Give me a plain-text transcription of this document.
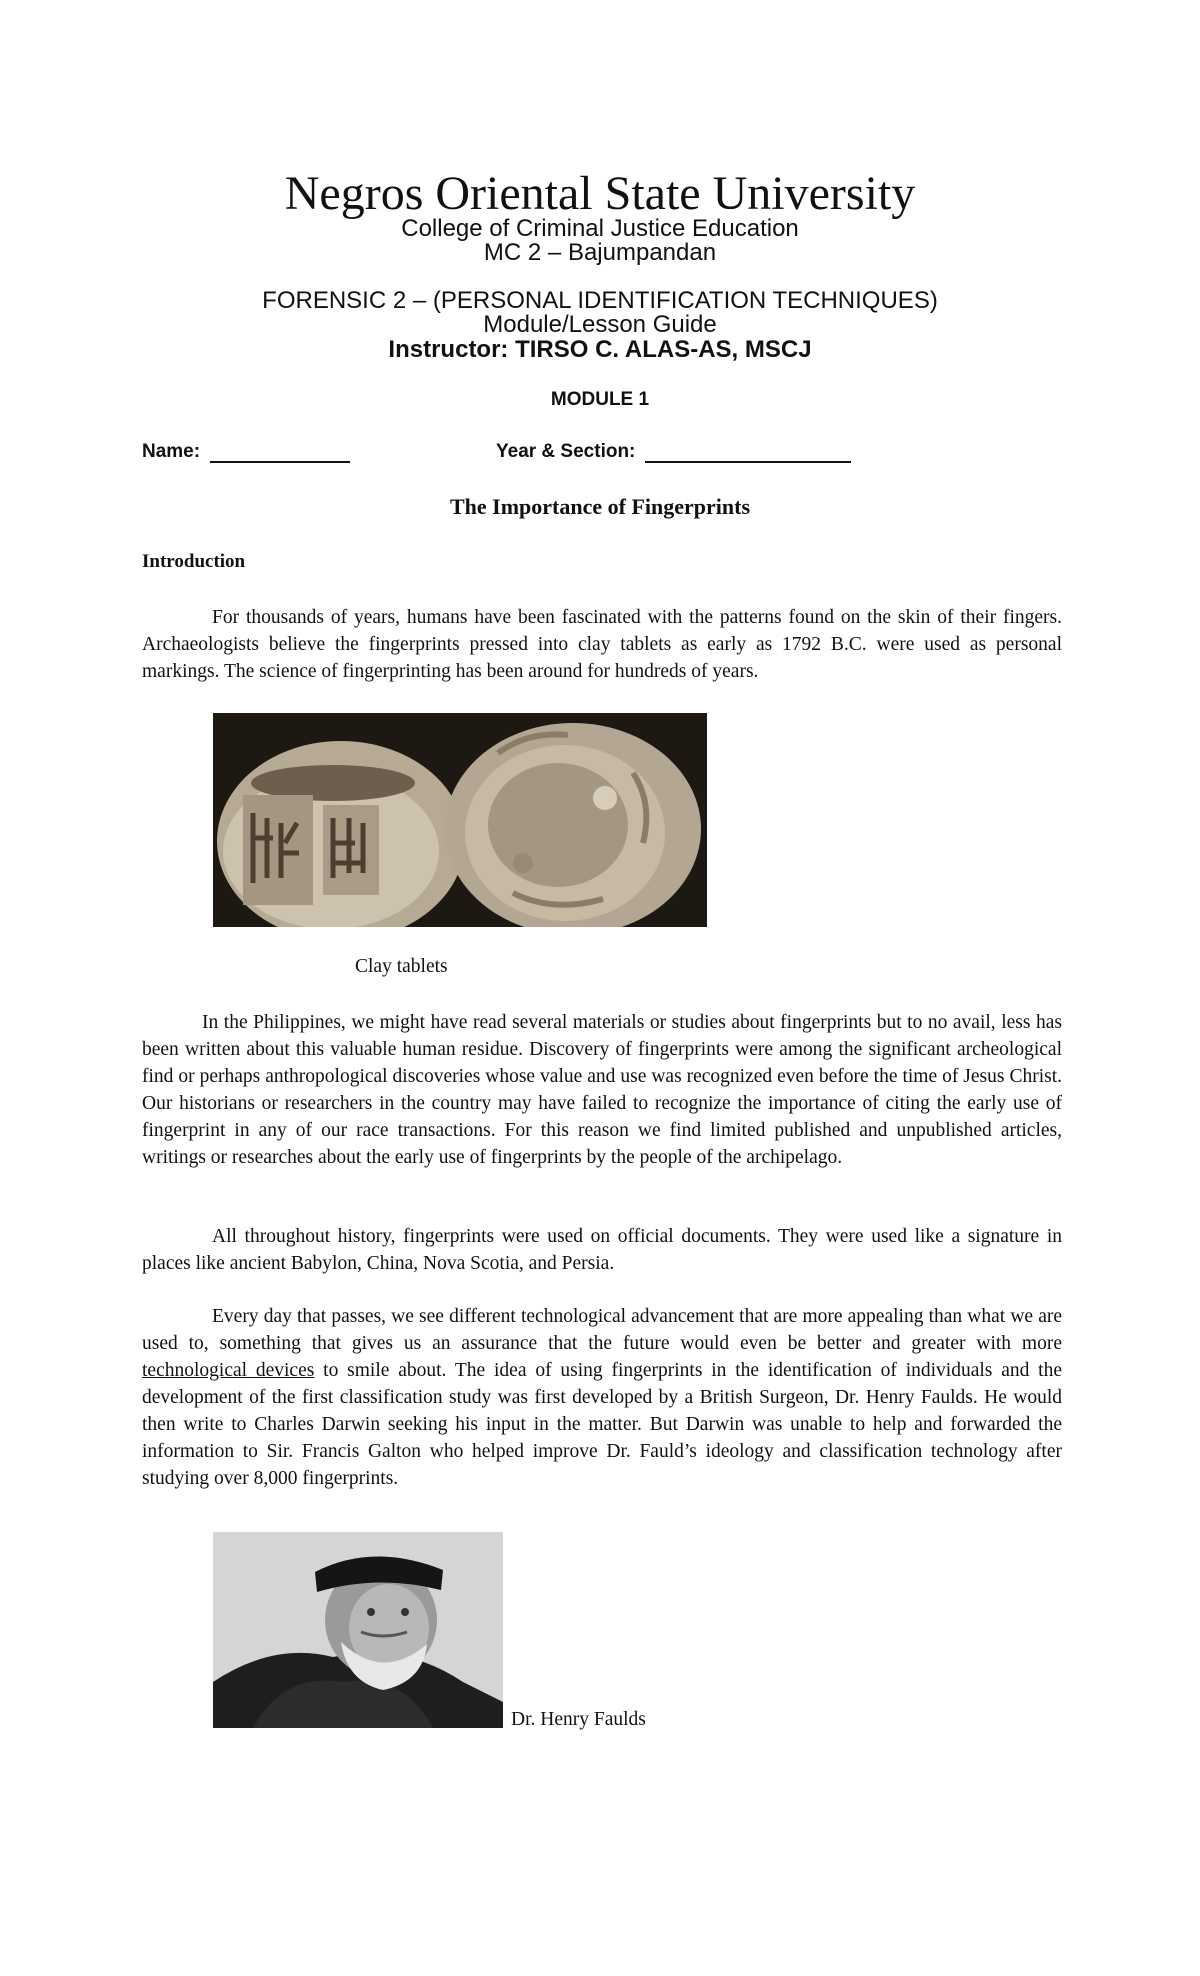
Negros Oriental State University
College of Criminal Justice Education
MC 2 – Bajumpandan
FORENSIC 2 – (PERSONAL IDENTIFICATION TECHNIQUES)
Module/Lesson Guide
Instructor: TIRSO C. ALAS-AS, MSCJ
MODULE 1
Name:	Year & Section:
The Importance of Fingerprints
Introduction
For thousands of years, humans have been fascinated with the patterns found on the skin of their fingers. Archaeologists believe the fingerprints pressed into clay tablets as early as 1792 B.C. were used as personal markings. The science of fingerprinting has been around for hundreds of years.
Clay tablets
In the Philippines, we might have read several materials or studies about fingerprints but to no avail, less has been written about this valuable human residue. Discovery of fingerprints were among the significant archeological find or perhaps anthropological discoveries whose value and use was recognized even before the time of Jesus Christ. Our historians or researchers in the country may have failed to recognize the importance of citing the early use of fingerprint in any of our race transactions. For this reason we find limited published and unpublished articles, writings or researches about the early use of fingerprints by the people of the archipelago.
All throughout history, fingerprints were used on official documents. They were used like a signature in places like ancient Babylon, China, Nova Scotia, and Persia.
Every day that passes, we see different technological advancement that are more appealing than what we are used to, something that gives us an assurance that the future would even be better and greater with more technological devices to smile about. The idea of using fingerprints in the identification of individuals and the development of the first classification study was first developed by a British Surgeon, Dr. Henry Faulds. He would then write to Charles Darwin seeking his input in the matter. But Darwin was unable to help and forwarded the information to Sir. Francis Galton who helped improve Dr. Fauld’s ideology and classification technology after studying over 8,000 fingerprints.
Dr. Henry Faulds
